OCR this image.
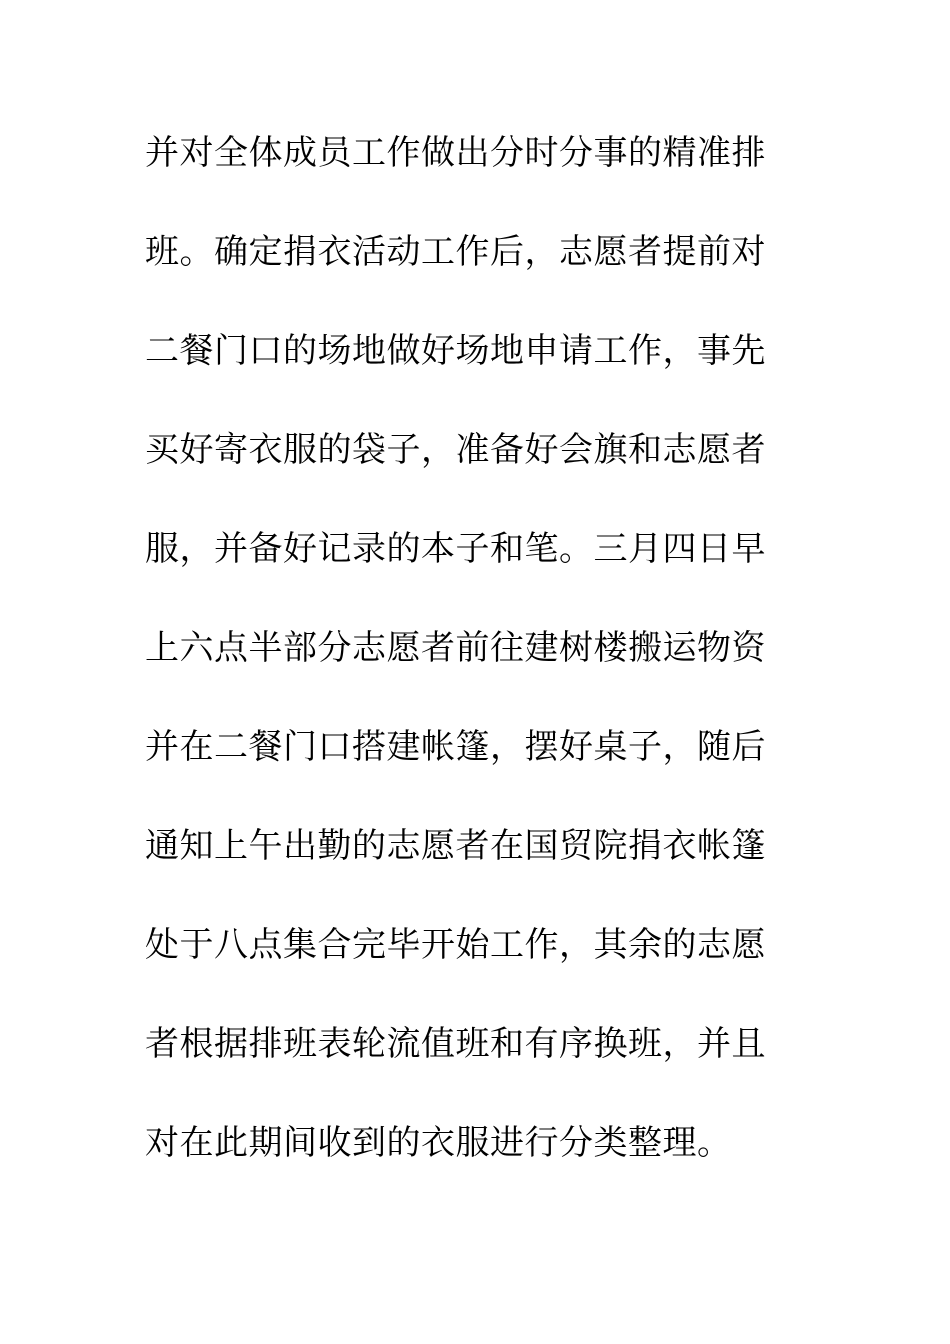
并对全体成员工作做出分时分事的精准排
班。确定捐衣活动工作后，志愿者提前对
二餐门口的场地做好场地申请工作，事先
买好寄衣服的袋子，准备好会旗和志愿者
服，并备好记录的本子和笔。三月四日早
上六点半部分志愿者前往建树楼搬运物资
并在二餐门口搭建帐篷，摆好桌子，随后
通知上午出勤的志愿者在国贸院捐衣帐篷
处于八点集合完毕开始工作，其余的志愿
者根据排班表轮流值班和有序换班，并且
对在此期间收到的衣服进行分类整理。
